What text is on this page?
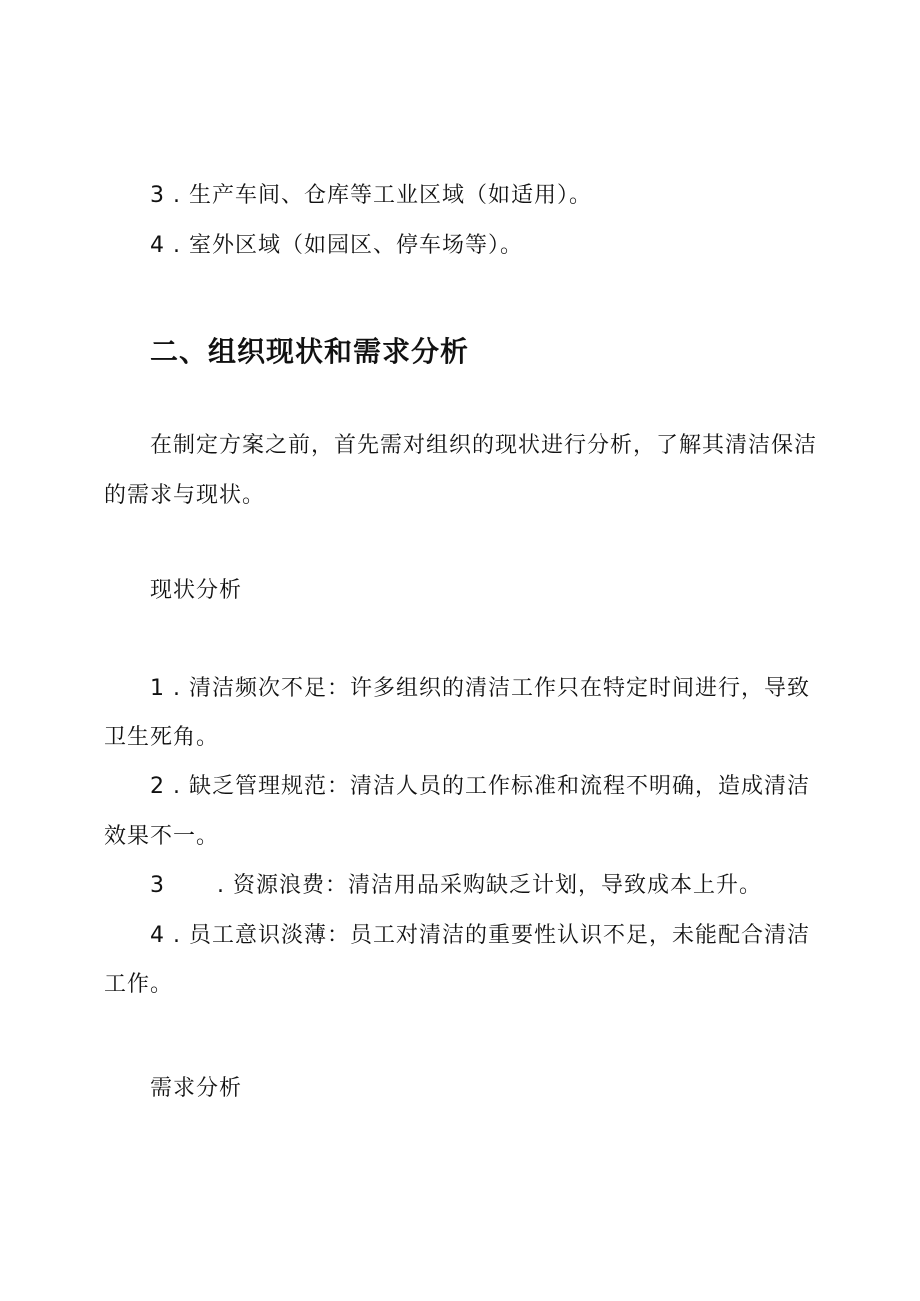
3 . 生产车间、仓库等工业区域（如适用）。
4 . 室外区域（如园区、停车场等）。
二、组织现状和需求分析
在制定方案之前，首先需对组织的现状进行分析，了解其清洁保洁
的需求与现状。
现状分析
1 . 清洁频次不足：许多组织的清洁工作只在特定时间进行，导致
卫生死角。
2 . 缺乏管理规范：清洁人员的工作标准和流程不明确，造成清洁
效果不一。
3 . 资源浪费：清洁用品采购缺乏计划，导致成本上升。
4 . 员工意识淡薄：员工对清洁的重要性认识不足，未能配合清洁
工作。
需求分析
